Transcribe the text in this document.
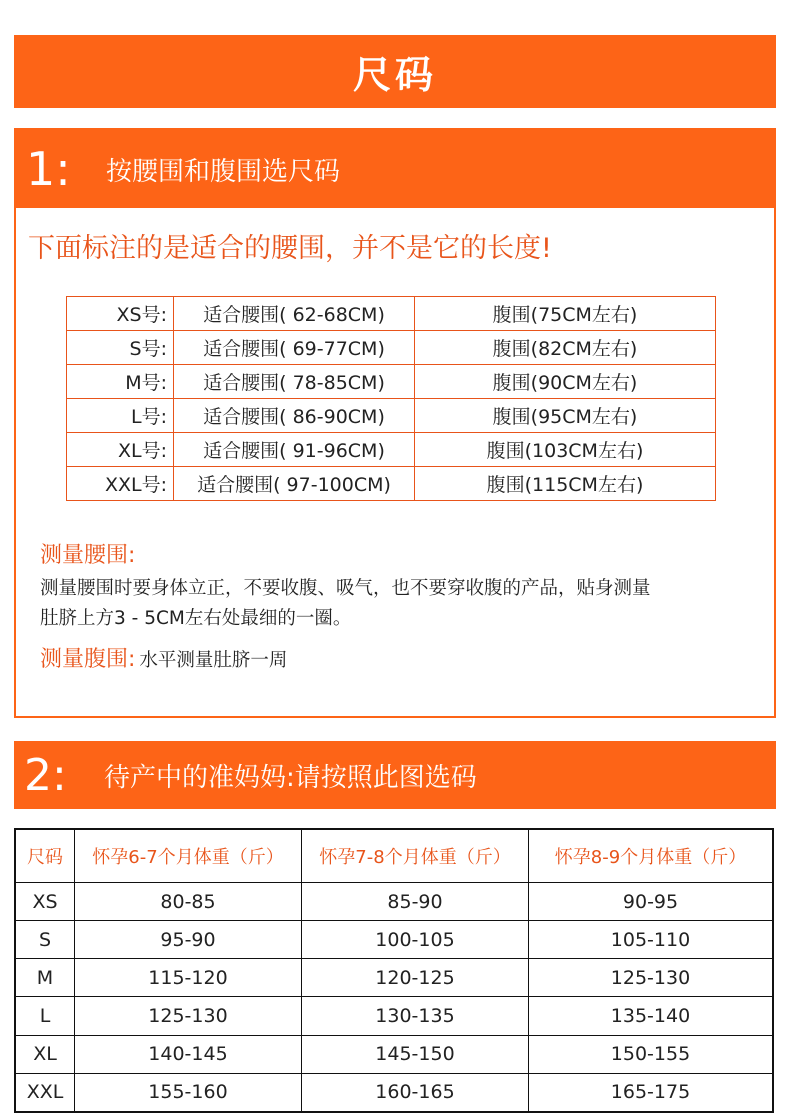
尺码
1:	按腰围和腹围选尺码
下面标注的是适合的腰围，并不是它的长度!
XS号:	适合腰围( 62-68CM)	腹围(75CM左右)
S号:	适合腰围( 69-77CM)	腹围(82CM左右)
M号:	适合腰围( 78-85CM)	腹围(90CM左右)
L号:	适合腰围( 86-90CM)	腹围(95CM左右)
XL号:	适合腰围( 91-96CM)	腹围(103CM左右)
XXL号:	适合腰围( 97-100CM)	腹围(115CM左右)
测量腰围:
测量腰围时要身体立正，不要收腹、吸气，也不要穿收腹的产品，贴身测量
肚脐上方3 - 5CM左右处最细的一圈。
测量腹围: 水平测量肚脐一周
2:	待产中的准妈妈:请按照此图选码
尺码	怀孕6-7个月体重（斤）	怀孕7-8个月体重（斤）	怀孕8-9个月体重（斤）
XS	80-85	85-90	90-95
S	95-90	100-105	105-110
M	115-120	120-125	125-130
L	125-130	130-135	135-140
XL	140-145	145-150	150-155
XXL	155-160	160-165	165-175
